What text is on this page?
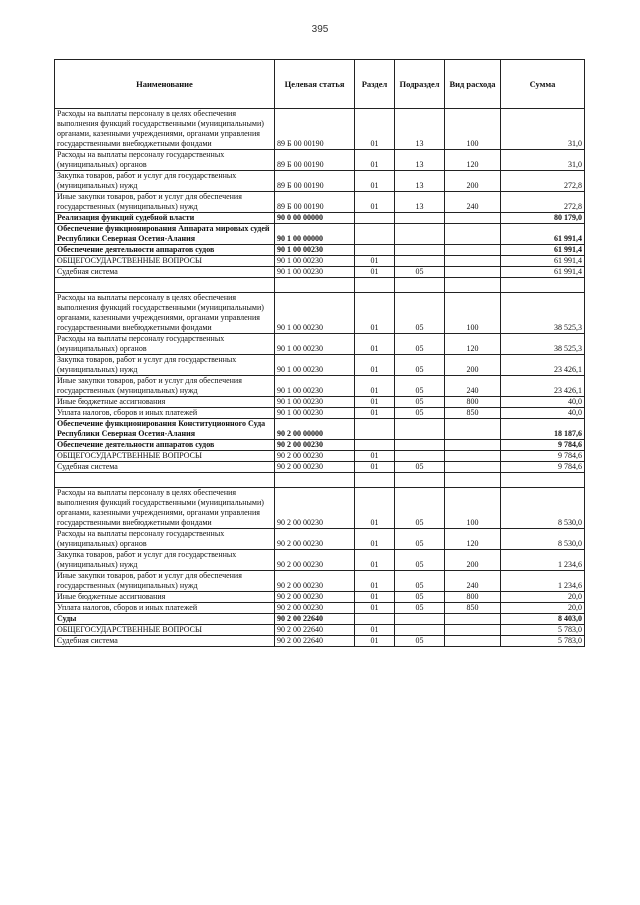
395
Наименование	Целевая статья	Раздел	Подраздел	Вид расхода	Сумма
Расходы на выплаты персоналу в целях обеспечения выполнения функций государственными (муниципальными) органами, казенными учреждениями, органами управления государственными внебюджетными фондами	89 Б 00 00190	01	13	100	31,0
Расходы на выплаты персоналу государственных (муниципальных) органов	89 Б 00 00190	01	13	120	31,0
Закупка товаров, работ и услуг для государственных (муниципальных) нужд	89 Б 00 00190	01	13	200	272,8
Иные закупки товаров, работ и услуг для обеспечения государственных (муниципальных) нужд	89 Б 00 00190	01	13	240	272,8
Реализация функций судебной власти	90 0 00 00000				80 179,0
Обеспечение функционирования Аппарата мировых судей Республики Северная Осетия-Алания	90 1 00 00000				61 991,4
Обеспечение деятельности аппаратов судов	90 1 00 00230				61 991,4
ОБЩЕГОСУДАРСТВЕННЫЕ ВОПРОСЫ	90 1 00 00230	01			61 991,4
Судебная система	90 1 00 00230	01	05		61 991,4

Расходы на выплаты персоналу в целях обеспечения выполнения функций государственными (муниципальными) органами, казенными учреждениями, органами управления государственными внебюджетными фондами	90 1 00 00230	01	05	100	38 525,3
Расходы на выплаты персоналу государственных (муниципальных) органов	90 1 00 00230	01	05	120	38 525,3
Закупка товаров, работ и услуг для государственных (муниципальных) нужд	90 1 00 00230	01	05	200	23 426,1
Иные закупки товаров, работ и услуг для обеспечения государственных (муниципальных) нужд	90 1 00 00230	01	05	240	23 426,1
Иные бюджетные ассигнования	90 1 00 00230	01	05	800	40,0
Уплата налогов, сборов и иных платежей	90 1 00 00230	01	05	850	40,0
Обеспечение функционирования Конституционного Суда Республики Северная Осетия-Алания	90 2 00 00000				18 187,6
Обеспечение деятельности аппаратов судов	90 2 00 00230				9 784,6
ОБЩЕГОСУДАРСТВЕННЫЕ ВОПРОСЫ	90 2 00 00230	01			9 784,6
Судебная система	90 2 00 00230	01	05		9 784,6

Расходы на выплаты персоналу в целях обеспечения выполнения функций государственными (муниципальными) органами, казенными учреждениями, органами управления государственными внебюджетными фондами	90 2 00 00230	01	05	100	8 530,0
Расходы на выплаты персоналу государственных (муниципальных) органов	90 2 00 00230	01	05	120	8 530,0
Закупка товаров, работ и услуг для государственных (муниципальных) нужд	90 2 00 00230	01	05	200	1 234,6
Иные закупки товаров, работ и услуг для обеспечения государственных (муниципальных) нужд	90 2 00 00230	01	05	240	1 234,6
Иные бюджетные ассигнования	90 2 00 00230	01	05	800	20,0
Уплата налогов, сборов и иных платежей	90 2 00 00230	01	05	850	20,0
Суды	90 2 00 22640				8 403,0
ОБЩЕГОСУДАРСТВЕННЫЕ ВОПРОСЫ	90 2 00 22640	01			5 783,0
Судебная система	90 2 00 22640	01	05		5 783,0
